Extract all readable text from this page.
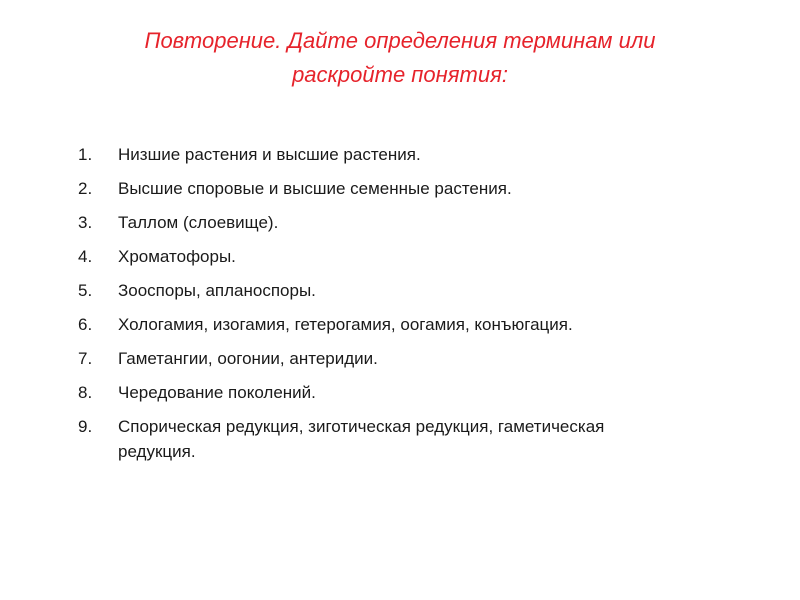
Повторение. Дайте определения терминам или
раскройте понятия:
1.	Низшие растения и высшие растения.
2.	Высшие споровые и высшие семенные растения.
3.	Таллом (слоевище).
4.	Хроматофоры.
5.	Зооспоры, апланоспоры.
6.	Хологамия, изогамия, гетерогамия, оогамия, конъюгация.
7.	Гаметангии, оогонии, антеридии.
8.	Чередование поколений.
9.	Спорическая редукция, зиготическая редукция, гаметическая редукция.
